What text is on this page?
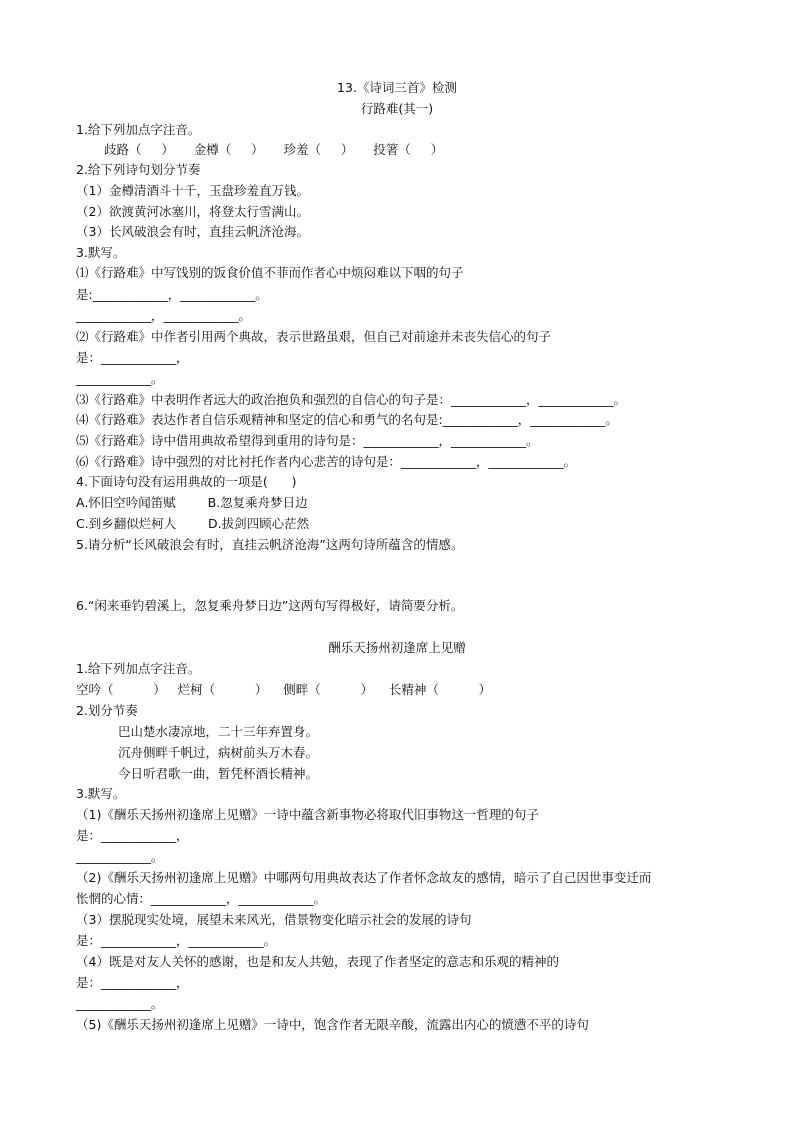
13.《诗词三首》检测
行路难(其一)
1.给下列加点字注音。
歧路（     ）     金樽（     ）     珍羞（     ）     投箸（     ）
2.给下列诗句划分节奏
（1）金樽清酒斗十千，玉盘珍羞直万钱。
（2）欲渡黄河冰塞川，将登太行雪满山。
（3）长风破浪会有时，直挂云帆济沧海。
3.默写。
⑴《行路难》中写饯别的饭食价值不菲而作者心中烦闷难以下咽的句子
是:____________，____________。
____________，____________。
⑵《行路难》中作者引用两个典故，表示世路虽艰，但自己对前途并未丧失信心的句子
是：____________，
____________。
⑶《行路难》中表明作者远大的政治抱负和强烈的自信心的句子是：____________，____________。
⑷《行路难》表达作者自信乐观精神和坚定的信心和勇气的名句是:____________，____________。
⑸《行路难》诗中借用典故希望得到重用的诗句是：____________，____________。
⑹《行路难》诗中强烈的对比衬托作者内心悲苦的诗句是：____________，____________。
4.下面诗句没有运用典故的一项是(      )
A.怀旧空吟闻笛赋        B.忽复乘舟梦日边
C.到乡翻似烂柯人        D.拔剑四顾心茫然
5.请分析“长风破浪会有时，直挂云帆济沧海”这两句诗所蕴含的情感。
6.“闲来垂钓碧溪上，忽复乘舟梦日边”这两句写得极好，请简要分析。
酬乐天扬州初逢席上见赠
1.给下列加点字注音。
空吟（          ）   烂柯（          ）    侧畔（          ）    长精神（          ）
2.划分节奏
巴山楚水凄凉地，二十三年弃置身。
沉舟侧畔千帆过，病树前头万木春。
今日听君歌一曲，暂凭杯酒长精神。
3.默写。
（1)《酬乐天扬州初逢席上见赠》一诗中蕴含新事物必将取代旧事物这一哲理的句子
是：____________，
____________。
（2)《酬乐天扬州初逢席上见赠》中哪两句用典故表达了作者怀念故友的感情，暗示了自己因世事变迁而
怅惘的心情：____________，____________。
（3）摆脱现实处境，展望未来风光，借景物变化暗示社会的发展的诗句
是：____________，____________。
（4）既是对友人关怀的感谢，也是和友人共勉，表现了作者坚定的意志和乐观的精神的
是：____________，
____________。
（5)《酬乐天扬州初逢席上见赠》一诗中，饱含作者无限辛酸，流露出内心的愤懑不平的诗句
